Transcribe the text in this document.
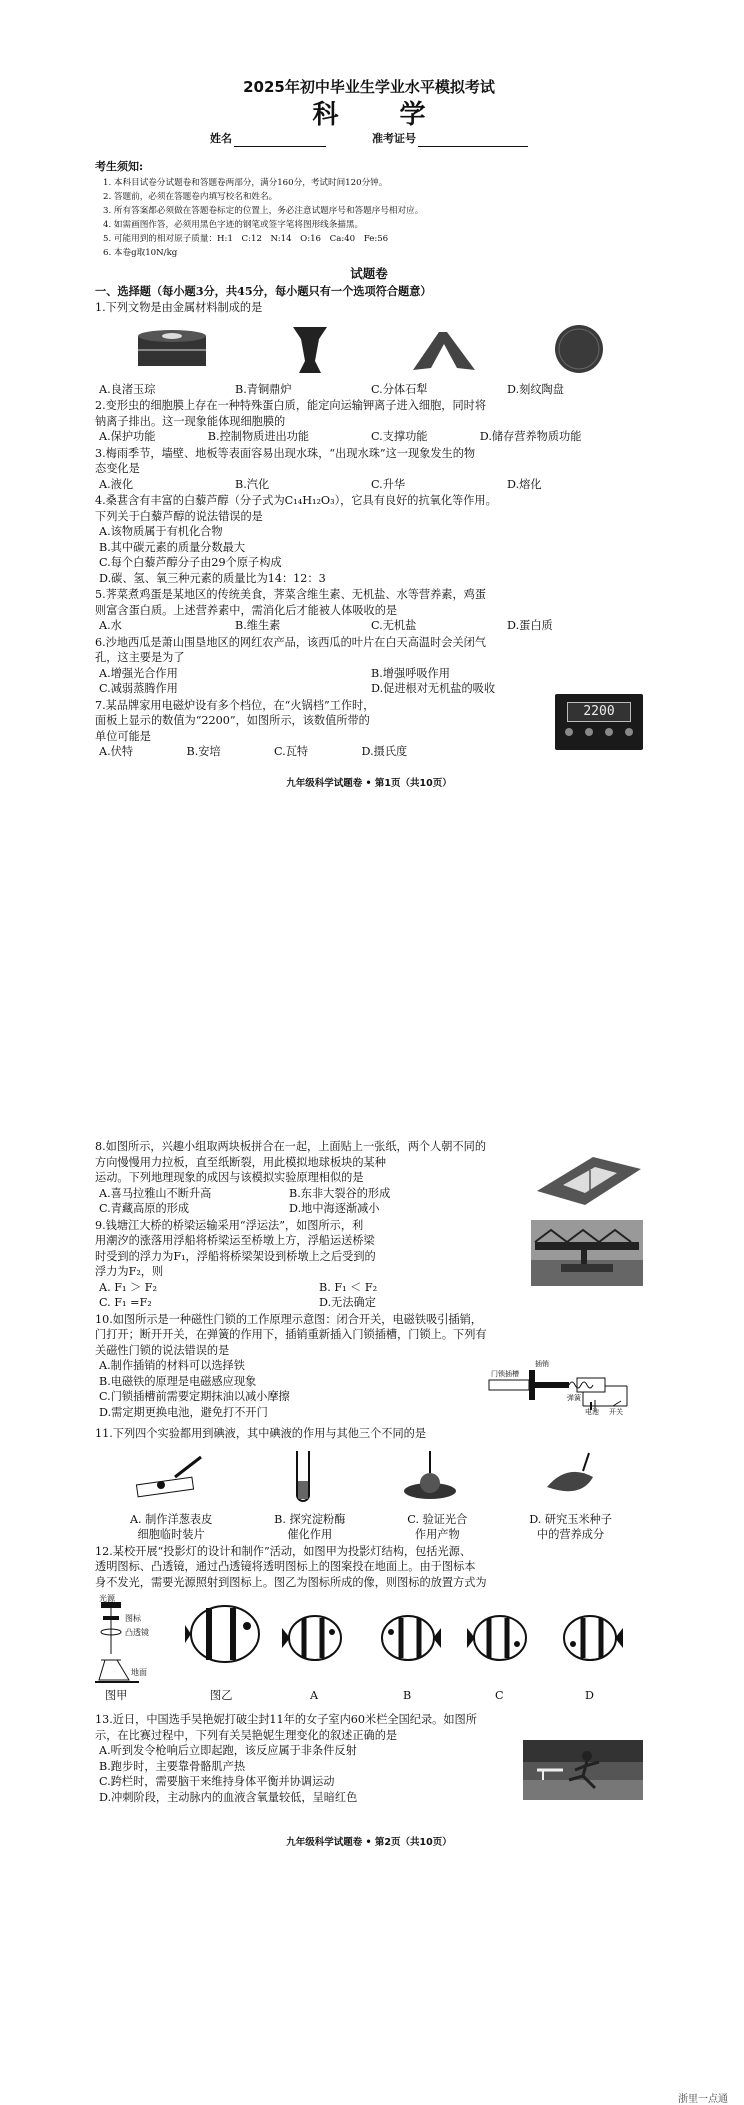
2025年初中毕业生学业水平模拟考试
科 学
姓名	准考证号
考生须知:
1. 本科目试卷分试题卷和答题卷两部分，满分160分，考试时间120分钟。
2. 答题前，必须在答题卷内填写校名和姓名。
3. 所有答案都必须做在答题卷标定的位置上，务必注意试题序号和答题序号相对应。
4. 如需画图作答，必须用黑色字迹的钢笔或签字笔将图形线条描黑。
5. 可能用到的相对原子质量：H:1　C:12　N:14　O:16　Ca:40　Fe:56
6. 本卷g取10N/kg
试题卷
一、选择题（每小题3分，共45分，每小题只有一个选项符合题意）
1.下列文物是由金属材料制成的是
A.良渚玉琮	B.青铜鼎炉	C.分体石犁	D.刻纹陶盘
2.变形虫的细胞膜上存在一种特殊蛋白质，能定向运输钾离子进入细胞，同时将
钠离子排出。这一现象能体现细胞膜的
A.保护功能	B.控制物质进出功能	C.支撑功能	D.储存营养物质功能
3.梅雨季节，墙壁、地板等表面容易出现水珠，“出现水珠”这一现象发生的物
态变化是
A.液化	B.汽化	C.升华	D.熔化
4.桑葚含有丰富的白藜芦醇（分子式为C₁₄H₁₂O₃），它具有良好的抗氧化等作用。
下列关于白藜芦醇的说法错误的是
A.该物质属于有机化合物
B.其中碳元素的质量分数最大
C.每个白藜芦醇分子由29个原子构成
D.碳、氢、氧三种元素的质量比为14：12：3
5.荠菜煮鸡蛋是某地区的传统美食，荠菜含维生素、无机盐、水等营养素，鸡蛋
则富含蛋白质。上述营养素中，需消化后才能被人体吸收的是
A.水	B.维生素	C.无机盐	D.蛋白质
6.沙地西瓜是萧山围垦地区的网红农产品，该西瓜的叶片在白天高温时会关闭气
孔，这主要是为了
A.增强光合作用	B.增强呼吸作用
C.减弱蒸腾作用	D.促进根对无机盐的吸收
7.某品牌家用电磁炉设有多个档位，在“火锅档”工作时，
面板上显示的数值为“2200”，如图所示，该数值所带的
单位可能是
A.伏特	B.安培	C.瓦特	D.摄氏度
2200
九年级科学试题卷 • 第1页（共10页）
8.如图所示，兴趣小组取两块板拼合在一起，上面贴上一张纸，两个人朝不同的
方向慢慢用力拉板，直至纸断裂，用此模拟地球板块的某种
运动。下列地理现象的成因与该模拟实验原理相似的是
A.喜马拉雅山不断升高	B.东非大裂谷的形成
C.青藏高原的形成	D.地中海逐渐减小
9.钱塘江大桥的桥梁运输采用“浮运法”，如图所示，利
用潮汐的涨落用浮船将桥梁运至桥墩上方，浮船运送桥梁
时受到的浮力为F₁，浮船将桥梁架设到桥墩上之后受到的
浮力为F₂，则
A. F₁ ＞ F₂	B. F₁ ＜ F₂
C. F₁ =F₂	D.无法确定
10.如图所示是一种磁性门锁的工作原理示意图：闭合开关，电磁铁吸引插销，
门打开；断开开关，在弹簧的作用下，插销重新插入门锁插槽，门锁上。下列有
关磁性门锁的说法错误的是
A.制作插销的材料可以选择铁
B.电磁铁的原理是电磁感应现象
C.门锁插槽前需要定期抹油以减小摩擦
D.需定期更换电池，避免打不开门
门锁插槽
插销
弹簧
电池 开关
11.下列四个实验都用到碘液，其中碘液的作用与其他三个不同的是
A. 制作洋葱表皮
细胞临时装片
B. 探究淀粉酶
催化作用
C. 验证光合
作用产物
D. 研究玉米种子
中的营养成分
12.某校开展“投影灯的设计和制作”活动，如图甲为投影灯结构，包括光源、
透明图标、凸透镜，通过凸透镜将透明图标上的图案投在地面上。由于图标本
身不发光，需要光源照射到图标上。图乙为图标所成的像，则图标的放置方式为
光源
图标
凸透镜
地面
图甲	图乙	A	B	C	D
13.近日，中国选手吴艳妮打破尘封11年的女子室内60米栏全国纪录。如图所
示，在比赛过程中，下列有关吴艳妮生理变化的叙述正确的是
A.听到发令枪响后立即起跑，该反应属于非条件反射
B.跑步时，主要靠骨骼肌产热
C.跨栏时，需要脑干来维持身体平衡并协调运动
D.冲刺阶段，主动脉内的血液含氧量较低，呈暗红色
九年级科学试题卷 • 第2页（共10页）
浙里一点通
